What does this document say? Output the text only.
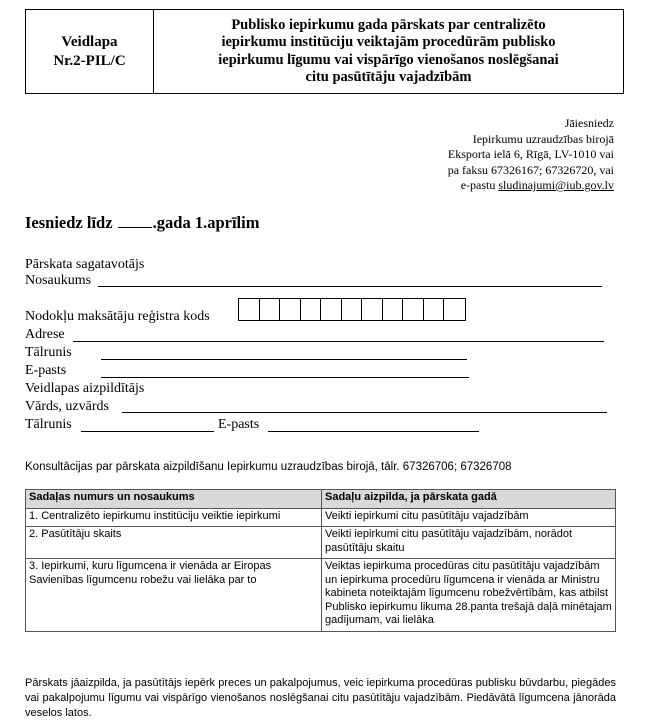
Veidlapa
Nr.2-PIL/C
Publisko iepirkumu gada pārskats par centralizēto
iepirkumu institūciju veiktajām procedūrām publisko
iepirkumu līgumu vai vispārīgo vienošanos noslēgšanai
citu pasūtītāju vajadzībām
Jāiesniedz
Iepirkumu uzraudzības birojā
Eksporta ielā 6, Rīgā, LV-1010 vai
pa faksu 67326167; 67326720, vai
e-pastu sludinajumi@iub.gov.lv
Iesniedz līdz .gada 1.aprīlim
Pārskata sagatavotājs
Nosaukums
Nodokļu maksātāju reģistra kods
Adrese
Tālrunis
E-pasts
Veidlapas aizpildītājs
Vārds, uzvārds
Tālrunis	E-pasts
Konsultācijas par pārskata aizpildīšanu Iepirkumu uzraudzības birojā, tālr. 67326706; 67326708
Sadaļas numurs un nosaukums	Sadaļu aizpilda, ja pārskata gadā
1. Centralizēto iepirkumu institūciju veiktie iepirkumi	Veikti iepirkumi citu pasūtītāju vajadzībām
2. Pasūtītāju skaits	Veikti iepirkumi citu pasūtītāju vajadzībām, norādot pasūtītāju skaitu
3. Iepirkumi, kuru līgumcena ir vienāda ar Eiropas Savienības līgumcenu robežu vai lielāka par to	Veiktas iepirkuma procedūras citu pasūtītāju vajadzībām un iepirkuma procedūru līgumcena ir vienāda ar Ministru kabineta noteiktajām līgumcenu robežvērtībām, kas atbilst Publisko iepirkumu likuma 28.panta trešajā daļā minētajam gadījumam, vai lielāka
Pārskats jāaizpilda, ja pasūtītājs iepērk preces un pakalpojumus, veic iepirkuma procedūras publisku būvdarbu, piegādes vai pakalpojumu līgumu vai vispārīgo vienošanos noslēgšanai citu pasūtītāju vajadzībām. Piedāvātā līgumcena jānorāda veselos latos.
